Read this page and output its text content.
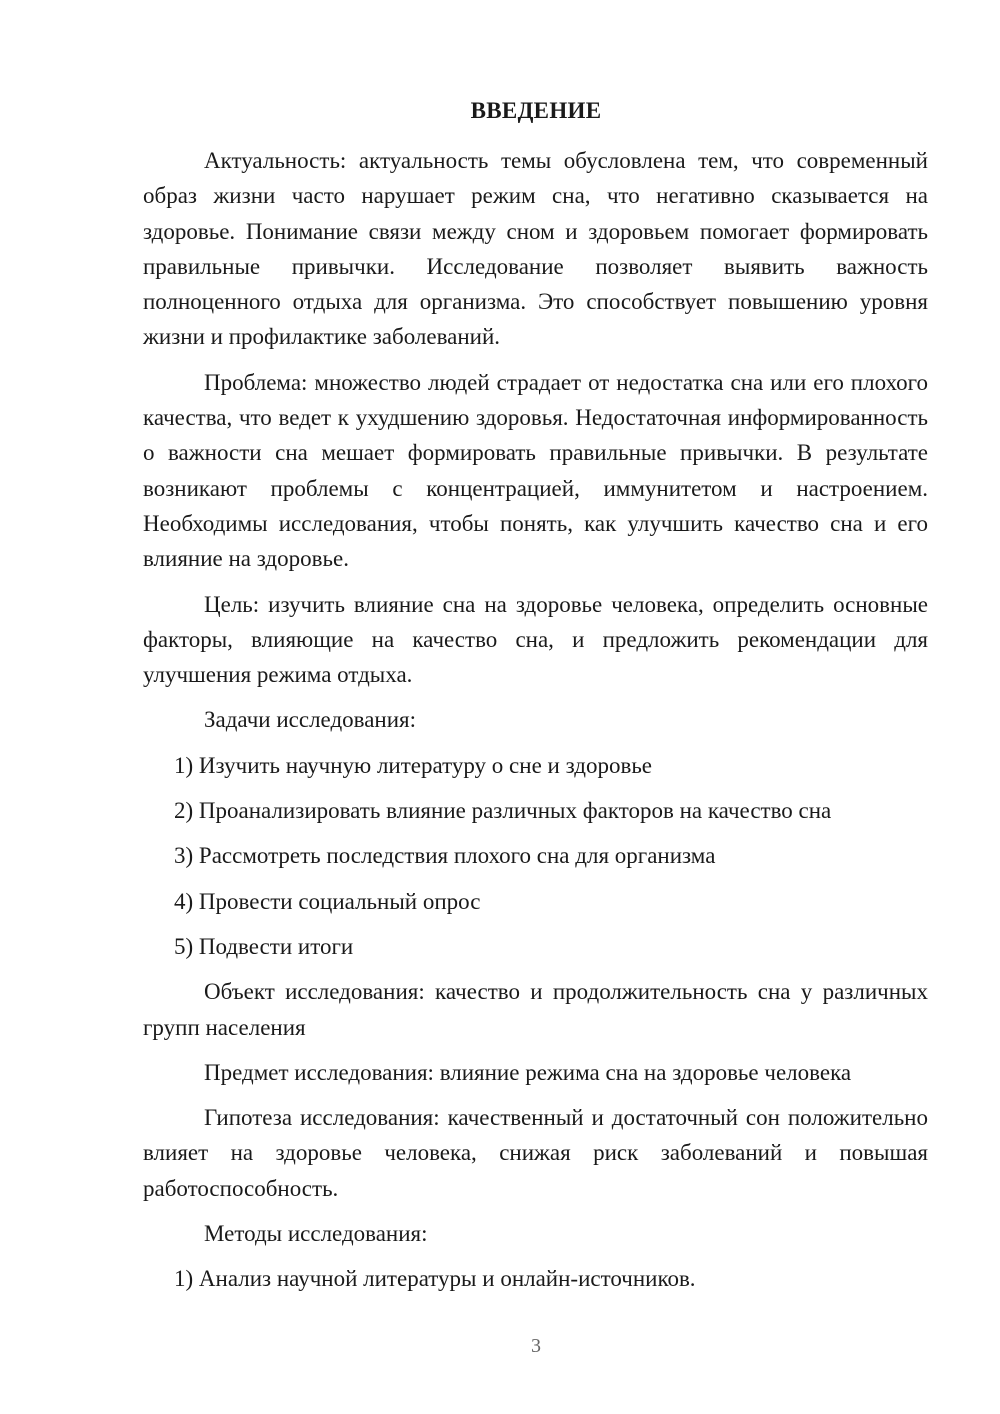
ВВЕДЕНИЕ

Актуальность: актуальность темы обусловлена тем, что современный образ жизни часто нарушает режим сна, что негативно сказывается на здоровье. Понимание связи между сном и здоровьем помогает формировать правильные привычки. Исследование позволяет выявить важность полноценного отдыха для организма. Это способствует повышению уровня жизни и профилактике заболеваний.

Проблема: множество людей страдает от недостатка сна или его плохого качества, что ведет к ухудшению здоровья. Недостаточная информированность о важности сна мешает формировать правильные привычки. В результате возникают проблемы с концентрацией, иммунитетом и настроением. Необходимы исследования, чтобы понять, как улучшить качество сна и его влияние на здоровье.

Цель: изучить влияние сна на здоровье человека, определить основные факторы, влияющие на качество сна, и предложить рекомендации для улучшения режима отдыха.

Задачи исследования:

1) Изучить научную литературу о сне и здоровье

2) Проанализировать влияние различных факторов на качество сна

3) Рассмотреть последствия плохого сна для организма

4) Провести социальный опрос

5) Подвести итоги

Объект исследования: качество и продолжительность сна у различных групп населения

Предмет исследования: влияние режима сна на здоровье человека

Гипотеза исследования: качественный и достаточный сон положительно влияет на здоровье человека, снижая риск заболеваний и повышая работоспособность.

Методы исследования:

1) Анализ научной литературы и онлайн-источников.

3
